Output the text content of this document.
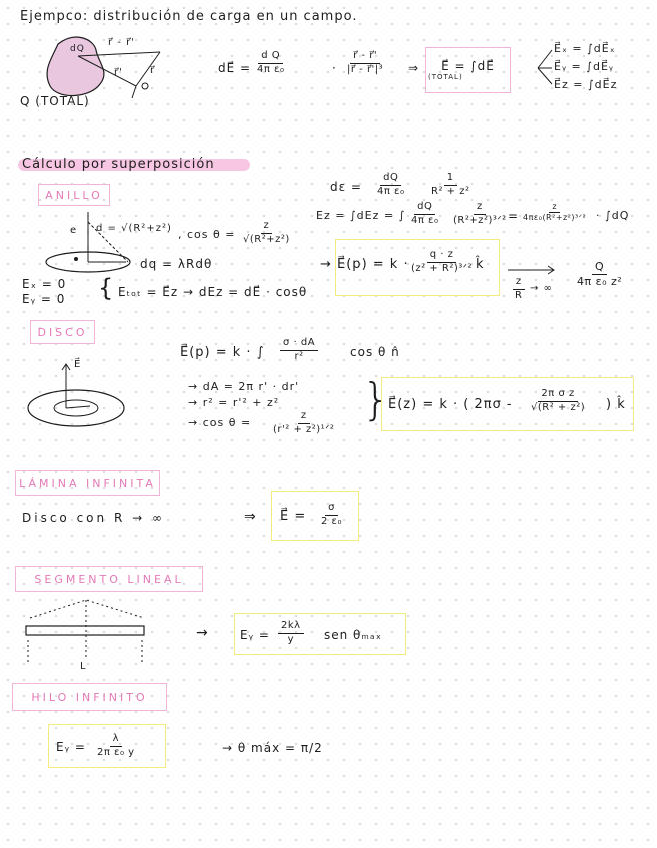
Ejempco: distribución de carga en un campo.
dQ
r⃗ - r⃗'
r⃗'	r⃗
Q (TOTAL)
dE⃗ = $\frac{\text{d Q}}{\text{4π ε₀}}$	· $\frac{r⃗ - r⃗'}{\text{|r⃗ - r⃗'|³}}$ ⇒ E⃗ = ∫dE⃗
(TOTAL)
E⃗ₓ = ∫dE⃗ₓ
E⃗ᵧ = ∫dE⃗ᵧ
E⃗z = ∫dE⃗z
Cálculo por superposición
ANILLO
e d = √(R²+z²) , $\cos \theta = \frac{z}{\text{√(R²+z²)}}$
dq = λRdθ
Eₓ = 0
Eᵧ = 0 { Eₜₒₜ = E⃗z → dEz = dE⃗ · cosθ
$d\varepsilon = \frac{dQ}{\text{4π ε₀}} \frac{1}{\text{R² + z²}}$
Ez = ∫dEz = ∫ $\frac{dQ}{\text{4π ε₀}}$	z
(R²+z²)³ᐟ² =
z
4πε₀(R²+z²)³ᐟ² · ∫dQ
→ E⃗(p) = k ·
q · z
(z² + R²)³ᐟ² k̂
$\frac{z}{R}$ → ∞ $\frac{Q}{\text{4π ε₀ z²}}$
DISCO
E⃗
E⃗(p) = k · ∫ $\frac{\sigma \cdot dA}{\text{r²}}$	cos θ n̂
→ dA = 2π r' · dr'
→ r² = r'² + z²
→ cos θ =
z
(r'² + z²)¹ᐟ²
}
E⃗(z) = k · ( $2\pi\sigma - \frac{\text{2π σ z}}{\text{√(R² + z²)}}$ ) k̂
LÁMINA INFINITA
Disco con R → ∞	⇒ E⃗ = $\frac{\sigma}{\text{2 ε₀}}$
SEGMENTO LINEAL
L
→	Eᵧ = $\frac{2k\lambda}{y}$ sen θₘₐₓ
HILO INFINITO
Eᵧ = $\frac{\lambda}{\text{2π ε₀ y}}$	→ θ máx = π/2
